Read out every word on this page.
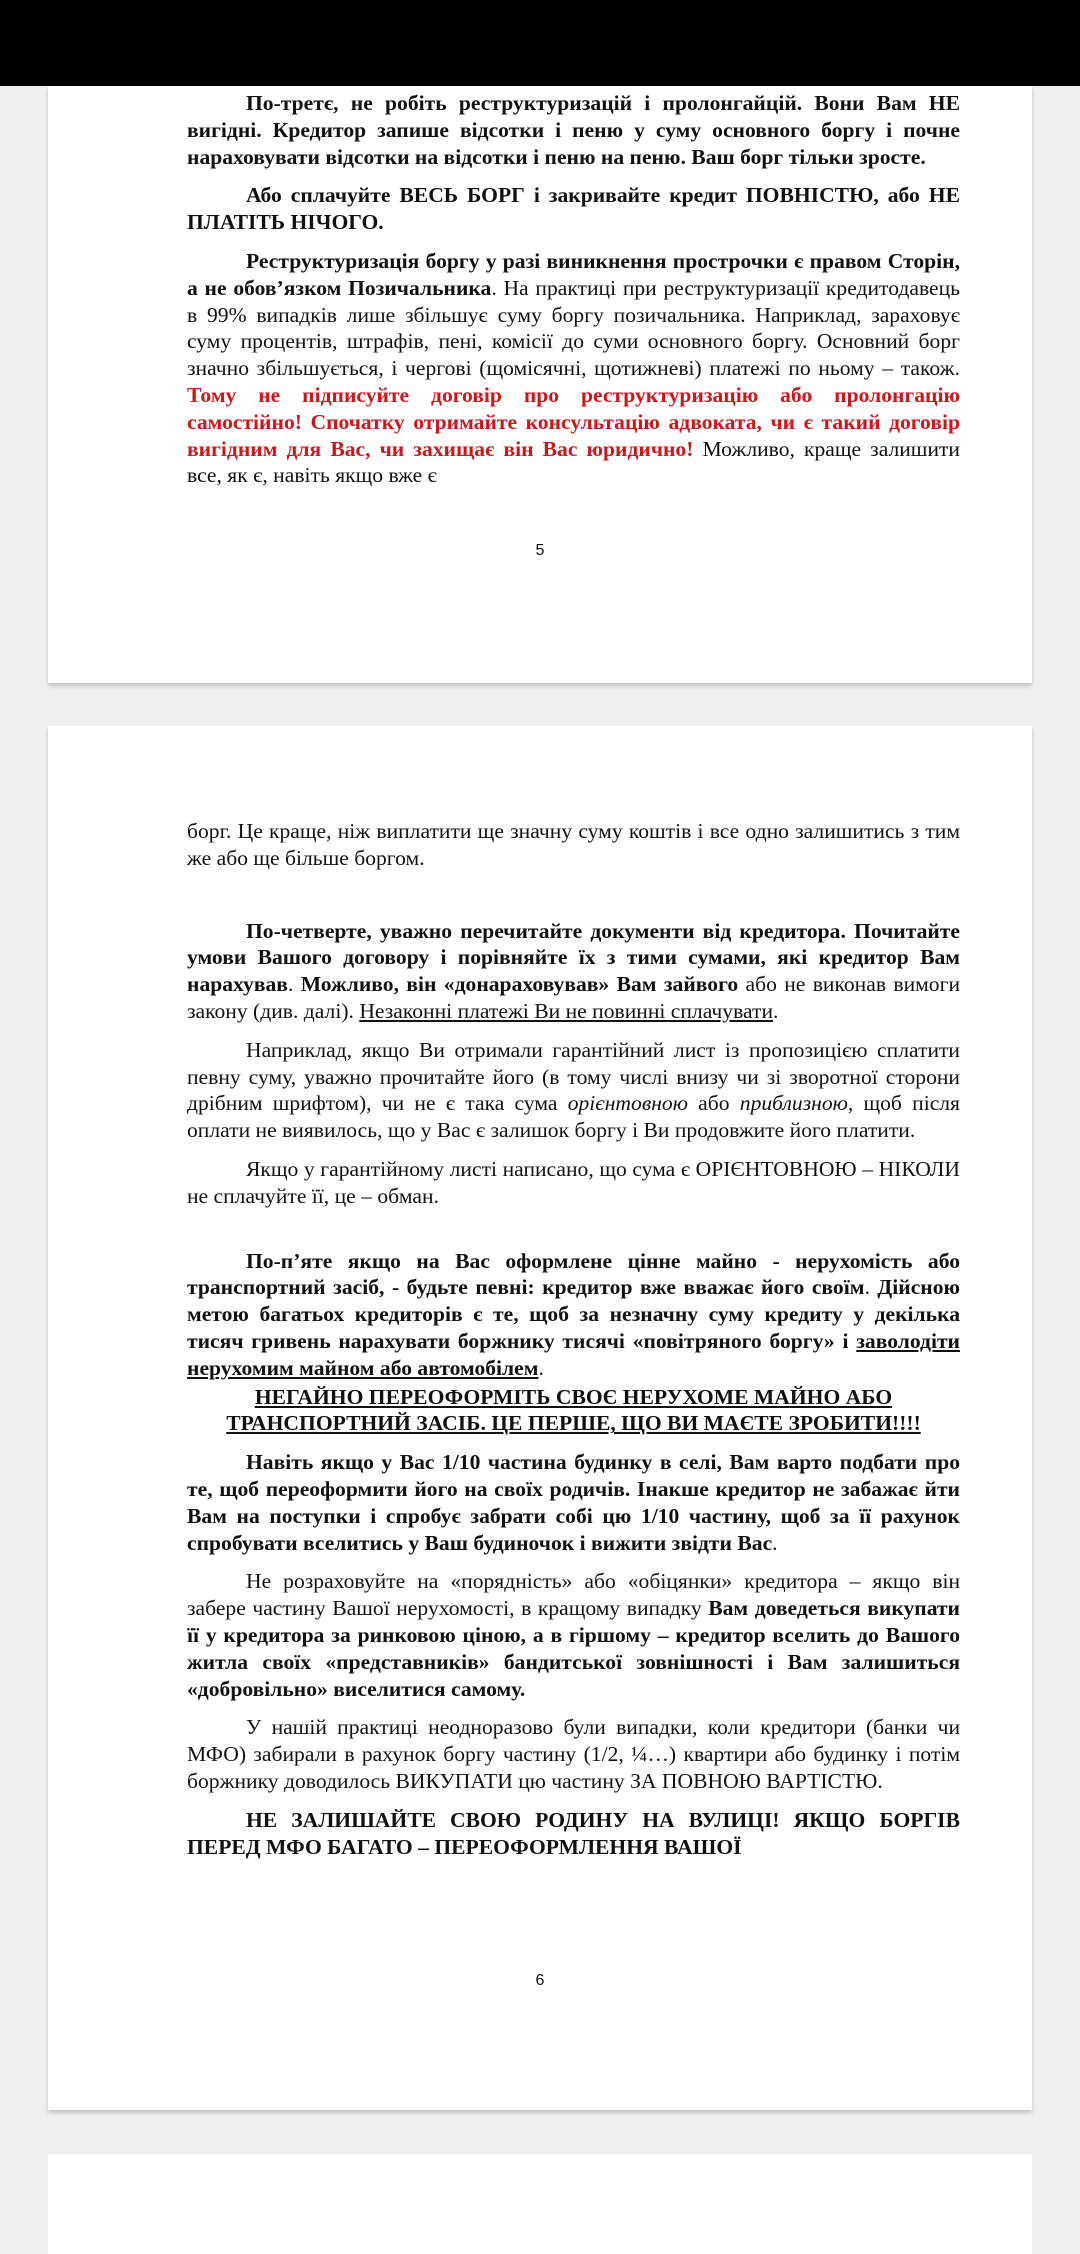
По-третє, не робіть реструктуризацій і пролонгайцій. Вони Вам НЕ вигідні. Кредитор запише відсотки і пеню у суму основного боргу і почне нараховувати відсотки на відсотки і пеню на пеню. Ваш борг тільки зросте.

Або сплачуйте ВЕСЬ БОРГ і закривайте кредит ПОВНІСТЮ, або НЕ ПЛАТІТЬ НІЧОГО.

Реструктуризація боргу у разі виникнення прострочки є правом Сторін, а не обов’язком Позичальника. На практиці при реструктуризації кредитодавець в 99% випадків лише збільшує суму боргу позичальника. Наприклад, зараховує суму процентів, штрафів, пені, комісії до суми основного боргу. Основний борг значно збільшується, і чергові (щомісячні, щотижневі) платежі по ньому – також. Тому не підписуйте договір про реструктуризацію або пролонгацію самостійно! Спочатку отримайте консультацію адвоката, чи є такий договір вигідним для Вас, чи захищає він Вас юридично! Можливо, краще залишити все, як є, навіть якщо вже є

5

борг. Це краще, ніж виплатити ще значну суму коштів і все одно залишитись з тим же або ще більше боргом.

По-четверте, уважно перечитайте документи від кредитора. Почитайте умови Вашого договору і порівняйте їх з тими сумами, які кредитор Вам нарахував. Можливо, він «донараховував» Вам зайвого або не виконав вимоги закону (див. далі). Незаконні платежі Ви не повинні сплачувати.

Наприклад, якщо Ви отримали гарантійний лист із пропозицією сплатити певну суму, уважно прочитайте його (в тому числі внизу чи зі зворотної сторони дрібним шрифтом), чи не є така сума орієнтовною або приблизною, щоб після оплати не виявилось, що у Вас є залишок боргу і Ви продовжите його платити.

Якщо у гарантійному листі написано, що сума є ОРІЄНТОВНОЮ – НІКОЛИ не сплачуйте її, це – обман.

По-п’яте якщо на Вас оформлене цінне майно - нерухомість або транспортний засіб, - будьте певні: кредитор вже вважає його своїм. Дійсною метою багатьох кредиторів є те, щоб за незначну суму кредиту у декілька тисяч гривень нарахувати боржнику тисячі «повітряного боргу» і заволодіти нерухомим майном або автомобілем.

НЕГАЙНО ПЕРЕОФОРМІТЬ СВОЄ НЕРУХОМЕ МАЙНО АБО ТРАНСПОРТНИЙ ЗАСІБ. ЦЕ ПЕРШЕ, ЩО ВИ МАЄТЕ ЗРОБИТИ!!!!

Навіть якщо у Вас 1/10 частина будинку в селі, Вам варто подбати про те, щоб переоформити його на своїх родичів. Інакше кредитор не забажає йти Вам на поступки і спробує забрати собі цю 1/10 частину, щоб за її рахунок спробувати вселитись у Ваш будиночок і вижити звідти Вас.

Не розраховуйте на «порядність» або «обіцянки» кредитора – якщо він забере частину Вашої нерухомості, в кращому випадку Вам доведеться викупати її у кредитора за ринковою ціною, а в гіршому – кредитор вселить до Вашого житла своїх «представників» бандитської зовнішності і Вам залишиться «добровільно» виселитися самому.

У нашій практиці неодноразово були випадки, коли кредитори (банки чи МФО) забирали в рахунок боргу частину (1/2, ¼…) квартири або будинку і потім боржнику доводилось ВИКУПАТИ цю частину ЗА ПОВНОЮ ВАРТІСТЮ.

НЕ ЗАЛИШАЙТЕ СВОЮ РОДИНУ НА ВУЛИЦІ! ЯКЩО БОРГІВ ПЕРЕД МФО БАГАТО – ПЕРЕОФОРМЛЕННЯ ВАШОЇ

6
